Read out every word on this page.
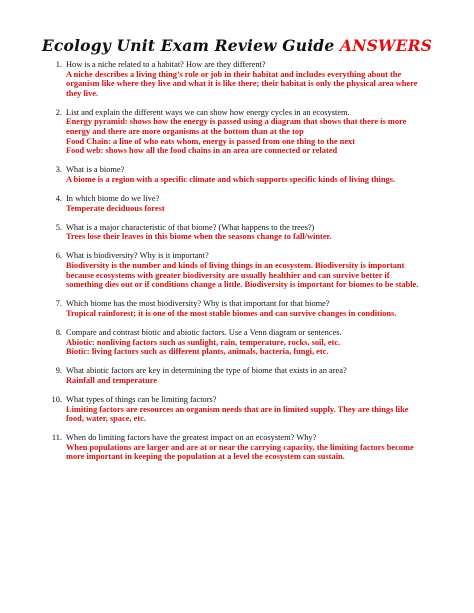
Ecology Unit Exam Review Guide ANSWERS
1. How is a niche related to a habitat? How are they different?
A niche describes a living thing’s role or job in their habitat and includes everything about the organism like where they live and what it is like there; their habitat is only the physical area where they live.
2. List and explain the different ways we can show how energy cycles in an ecosystem.
Energy pyramid: shows how the energy is passed using a diagram that shows that there is more energy and there are more organisms at the bottom than at the top
Food Chain: a line of who eats whom, energy is passed from one thing to the next
Food web: shows how all the food chains in an area are connected or related
3. What is a biome?
A biome is a region with a specific climate and which supports specific kinds of living things.
4. In which biome do we live?
Temperate deciduous forest
5. What is a major characteristic of that biome? (What happens to the trees?)
Trees lose their leaves in this biome when the seasons change to fall/winter.
6. What is biodiversity? Why is it important?
Biodiversity is the number and kinds of living things in an ecosystem. Biodiversity is important because ecosystems with greater biodiversity are usually healthier and can survive better if something dies out or if conditions change a little. Biodiversity is important for biomes to be stable.
7. Which biome has the most biodiversity? Why is that important for that biome?
Tropical rainforest; it is one of the most stable biomes and can survive changes in conditions.
8. Compare and contrast biotic and abiotic factors. Use a Venn diagram or sentences.
Abiotic: nonliving factors such as sunlight, rain, temperature, rocks, soil, etc.
Biotic: living factors such as different plants, animals, bacteria, fungi, etc.
9. What abiotic factors are key in determining the type of biome that exists in an area?
Rainfall and temperature
10. What types of things can be limiting factors?
Limiting factors are resources an organism needs that are in limited supply. They are things like food, water, space, etc.
11. When do limiting factors have the greatest impact on an ecosystem? Why?
When populations are larger and are at or near the carrying capacity, the limiting factors become more important in keeping the population at a level the ecosystem can sustain.
